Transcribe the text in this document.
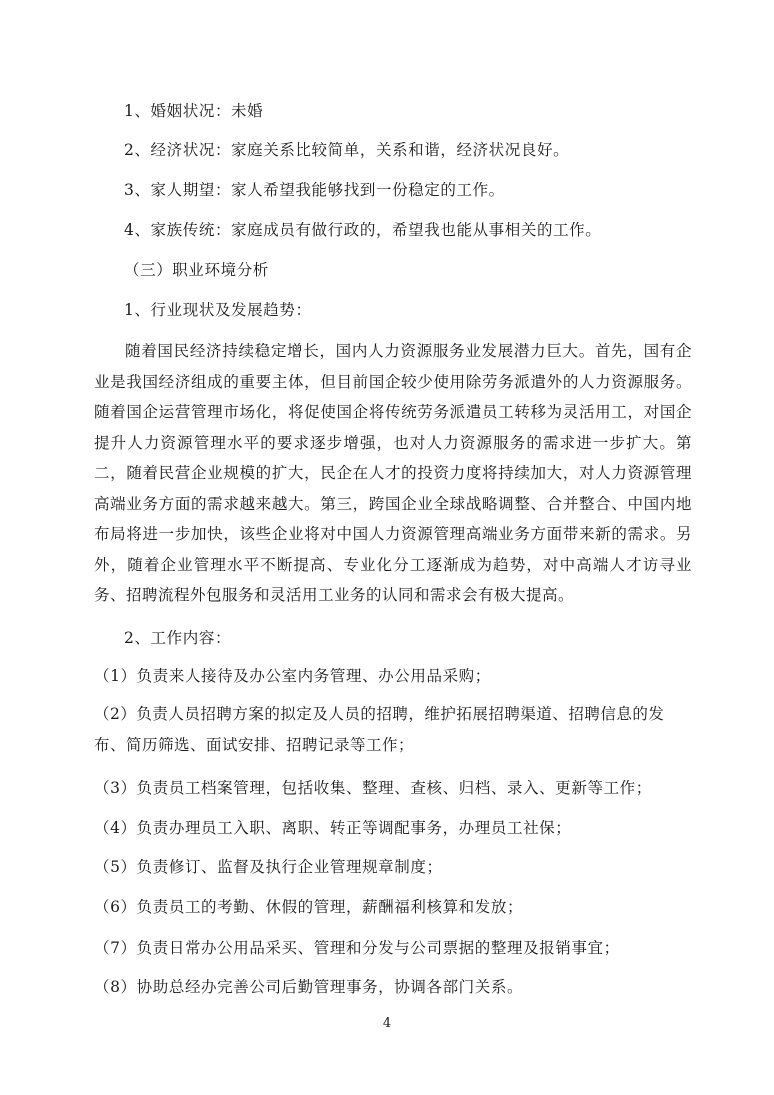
1、婚姻状况：未婚
2、经济状况：家庭关系比较简单，关系和谐，经济状况良好。
3、家人期望：家人希望我能够找到一份稳定的工作。
4、家族传统：家庭成员有做行政的，希望我也能从事相关的工作。
（三）职业环境分析
1、行业现状及发展趋势：
随着国民经济持续稳定增长，国内人力资源服务业发展潜力巨大。首先，国有企业是我国经济组成的重要主体，但目前国企较少使用除劳务派遣外的人力资源服务。随着国企运营管理市场化，将促使国企将传统劳务派遣员工转移为灵活用工，对国企提升人力资源管理水平的要求逐步增强，也对人力资源服务的需求进一步扩大。第二，随着民营企业规模的扩大，民企在人才的投资力度将持续加大，对人力资源管理高端业务方面的需求越来越大。第三，跨国企业全球战略调整、合并整合、中国内地布局将进一步加快，该些企业将对中国人力资源管理高端业务方面带来新的需求。另外，随着企业管理水平不断提高、专业化分工逐渐成为趋势，对中高端人才访寻业务、招聘流程外包服务和灵活用工业务的认同和需求会有极大提高。
2、工作内容：
（1）负责来人接待及办公室内务管理、办公用品采购；
（2）负责人员招聘方案的拟定及人员的招聘，维护拓展招聘渠道、招聘信息的发布、简历筛选、面试安排、招聘记录等工作；
（3）负责员工档案管理，包括收集、整理、查核、归档、录入、更新等工作；
（4）负责办理员工入职、离职、转正等调配事务，办理员工社保；
（5）负责修订、监督及执行企业管理规章制度；
（6）负责员工的考勤、休假的管理，薪酬福利核算和发放；
（7）负责日常办公用品采买、管理和分发与公司票据的整理及报销事宜；
（8）协助总经办完善公司后勤管理事务，协调各部门关系。
4
